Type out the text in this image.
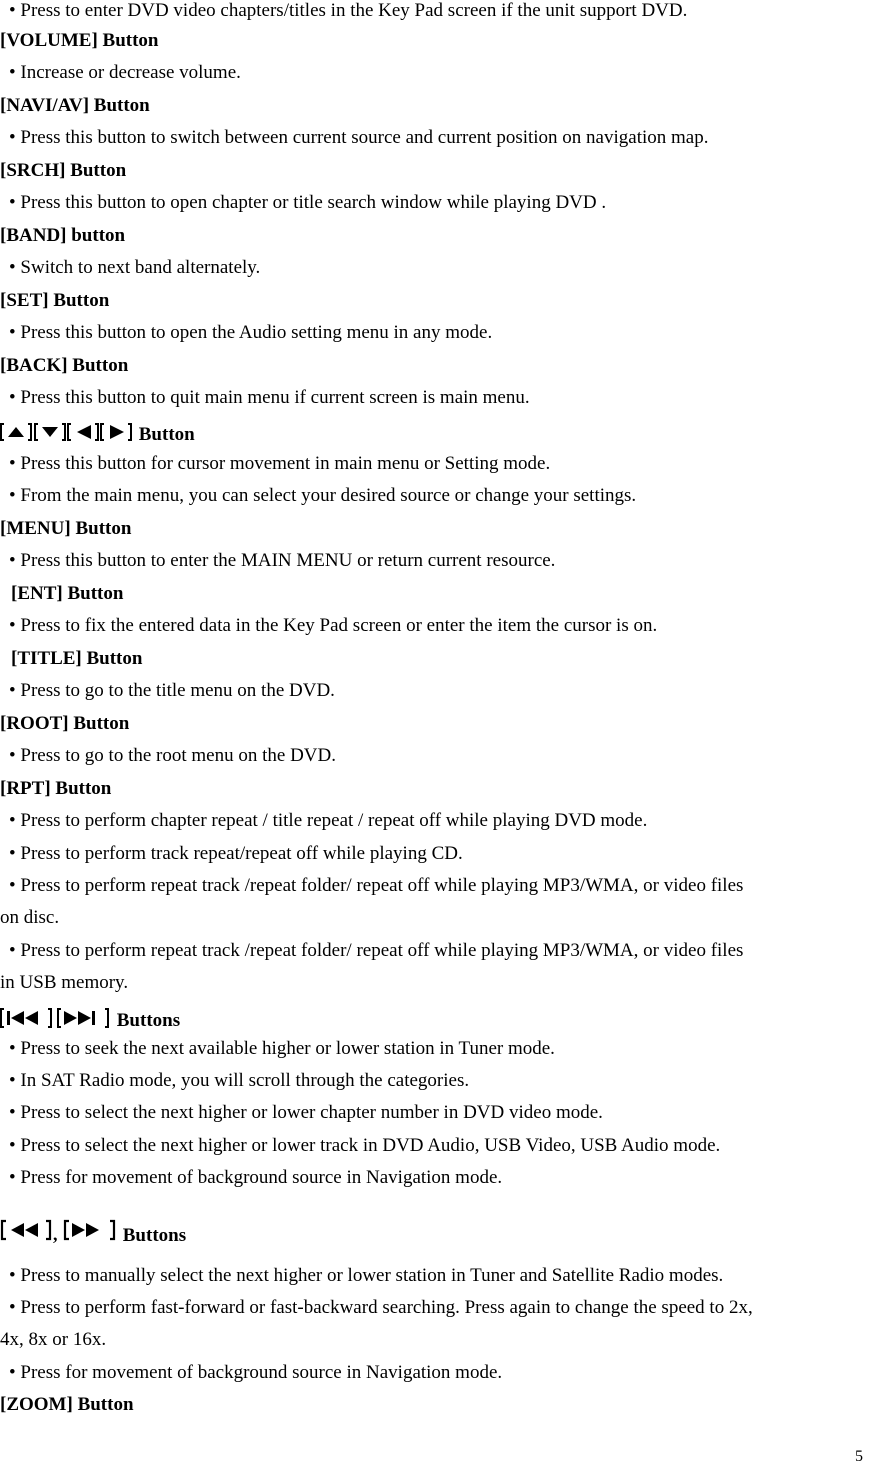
• Press to enter DVD video chapters/titles in the Key Pad screen if the unit support DVD.
[VOLUME] Button
• Increase or decrease volume.
[NAVI/AV] Button
• Press this button to switch between current source and current position on navigation map.
[SRCH] Button
• Press this button to open chapter or title search window while playing DVD .
[BAND] button
• Switch to next band alternately.
[SET] Button
• Press this button to open the Audio setting menu in any mode.
[BACK] Button
• Press this button to quit main menu if current screen is main menu.
Button
• Press this button for cursor movement in main menu or Setting mode.
• From the main menu, you can select your desired source or change your settings.
[MENU] Button
• Press this button to enter the MAIN MENU or return current resource.
[ENT] Button
• Press to fix the entered data in the Key Pad screen or enter the item the cursor is on.
[TITLE] Button
• Press to go to the title menu on the DVD.
[ROOT] Button
• Press to go to the root menu on the DVD.
[RPT] Button
• Press to perform chapter repeat / title repeat / repeat off while playing DVD mode.
• Press to perform track repeat/repeat off while playing CD.
• Press to perform repeat track /repeat folder/ repeat off while playing MP3/WMA, or video files
on disc.
• Press to perform repeat track /repeat folder/ repeat off while playing MP3/WMA, or video files
in USB memory.
Buttons
• Press to seek the next available higher or lower station in Tuner mode.
• In SAT Radio mode, you will scroll through the categories.
• Press to select the next higher or lower chapter number in DVD video mode.
• Press to select the next higher or lower track in DVD Audio, USB Video, USB Audio mode.
• Press for movement of background source in Navigation mode.
,	Buttons
• Press to manually select the next higher or lower station in Tuner and Satellite Radio modes.
• Press to perform fast-forward or fast-backward searching. Press again to change the speed to 2x,
4x, 8x or 16x.
• Press for movement of background source in Navigation mode.
[ZOOM] Button
5
